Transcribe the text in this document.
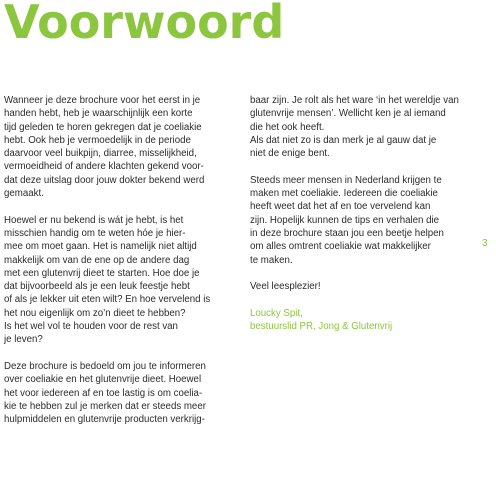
Voorwoord

Wanneer je deze brochure voor het eerst in je
handen hebt, heb je waarschijnlijk een korte
tijd geleden te horen gekregen dat je coeliakie
hebt. Ook heb je vermoedelijk in de periode
daarvoor veel buikpijn, diarree, misselijkheid,
vermoeidheid of andere klachten gekend voor-
dat deze uitslag door jouw dokter bekend werd
gemaakt.

Hoewel er nu bekend is wát je hebt, is het
misschien handig om te weten hóe je hier-
mee om moet gaan. Het is namelijk niet altijd
makkelijk om van de ene op de andere dag
met een glutenvrij dieet te starten. Hoe doe je
dat bijvoorbeeld als je een leuk feestje hebt
of als je lekker uit eten wilt? En hoe vervelend is
het nou eigenlijk om zo’n dieet te hebben?
Is het wel vol te houden voor de rest van
je leven?

Deze brochure is bedoeld om jou te informeren
over coeliakie en het glutenvrije dieet. Hoewel
het voor iedereen af en toe lastig is om coelia-
kie te hebben zul je merken dat er steeds meer
hulpmiddelen en glutenvrije producten verkrijg-

baar zijn. Je rolt als het ware ‘in het wereldje van
glutenvrije mensen’. Wellicht ken je al iemand
die het ook heeft.
Als dat niet zo is dan merk je al gauw dat je
niet de enige bent.

Steeds meer mensen in Nederland krijgen te
maken met coeliakie. Iedereen die coeliakie
heeft weet dat het af en toe vervelend kan
zijn. Hopelijk kunnen de tips en verhalen die
in deze brochure staan jou een beetje helpen
om alles omtrent coeliakie wat makkelijker
te maken.

Veel leesplezier!

Loucky Spit,
bestuurslid PR, Jong & Glutenvrij

3
